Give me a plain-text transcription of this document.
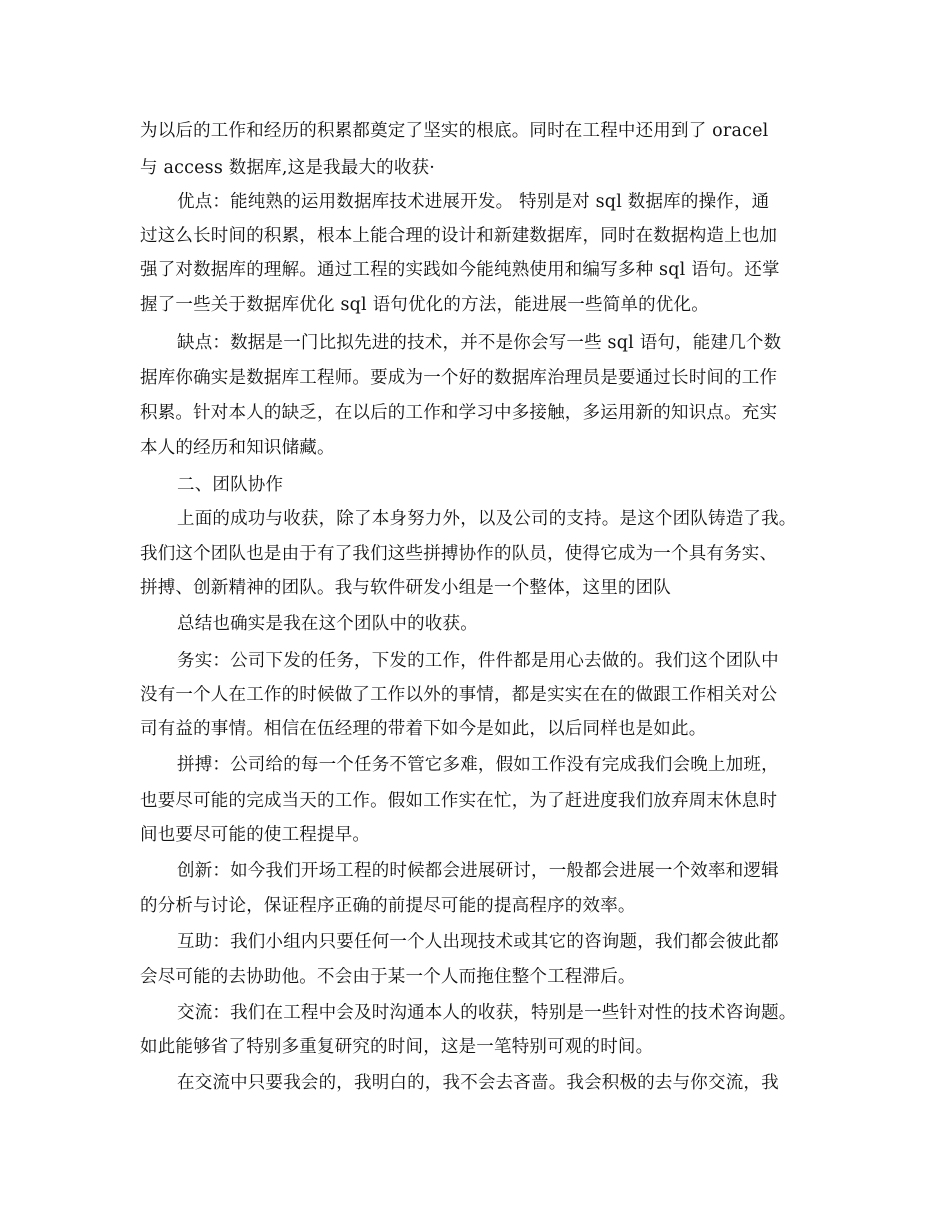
为以后的工作和经历的积累都奠定了坚实的根底。同时在工程中还用到了 oracel
与 access 数据库,这是我最大的收获·
优点：能纯熟的运用数据库技术进展开发。 特别是对 sql 数据库的操作，通
过这么长时间的积累，根本上能合理的设计和新建数据库，同时在数据构造上也加
强了对数据库的理解。通过工程的实践如今能纯熟使用和编写多种 sql 语句。还掌
握了一些关于数据库优化 sql 语句优化的方法，能进展一些简单的优化。
缺点：数据是一门比拟先进的技术，并不是你会写一些 sql 语句，能建几个数
据库你确实是数据库工程师。要成为一个好的数据库治理员是要通过长时间的工作
积累。针对本人的缺乏，在以后的工作和学习中多接触，多运用新的知识点。充实
本人的经历和知识储藏。
二、团队协作
上面的成功与收获，除了本身努力外，以及公司的支持。是这个团队铸造了我。
我们这个团队也是由于有了我们这些拼搏协作的队员，使得它成为一个具有务实、
拼搏、创新精神的团队。我与软件研发小组是一个整体，这里的团队
总结也确实是我在这个团队中的收获。
务实：公司下发的任务，下发的工作，件件都是用心去做的。我们这个团队中
没有一个人在工作的时候做了工作以外的事情，都是实实在在的做跟工作相关对公
司有益的事情。相信在伍经理的带着下如今是如此，以后同样也是如此。
拼搏：公司给的每一个任务不管它多难，假如工作没有完成我们会晚上加班，
也要尽可能的完成当天的工作。假如工作实在忙，为了赶进度我们放弃周末休息时
间也要尽可能的使工程提早。
创新：如今我们开场工程的时候都会进展研讨，一般都会进展一个效率和逻辑
的分析与讨论，保证程序正确的前提尽可能的提高程序的效率。
互助：我们小组内只要任何一个人出现技术或其它的咨询题，我们都会彼此都
会尽可能的去协助他。不会由于某一个人而拖住整个工程滞后。
交流：我们在工程中会及时沟通本人的收获，特别是一些针对性的技术咨询题。
如此能够省了特别多重复研究的时间，这是一笔特别可观的时间。
在交流中只要我会的，我明白的，我不会去吝啬。我会积极的去与你交流，我
